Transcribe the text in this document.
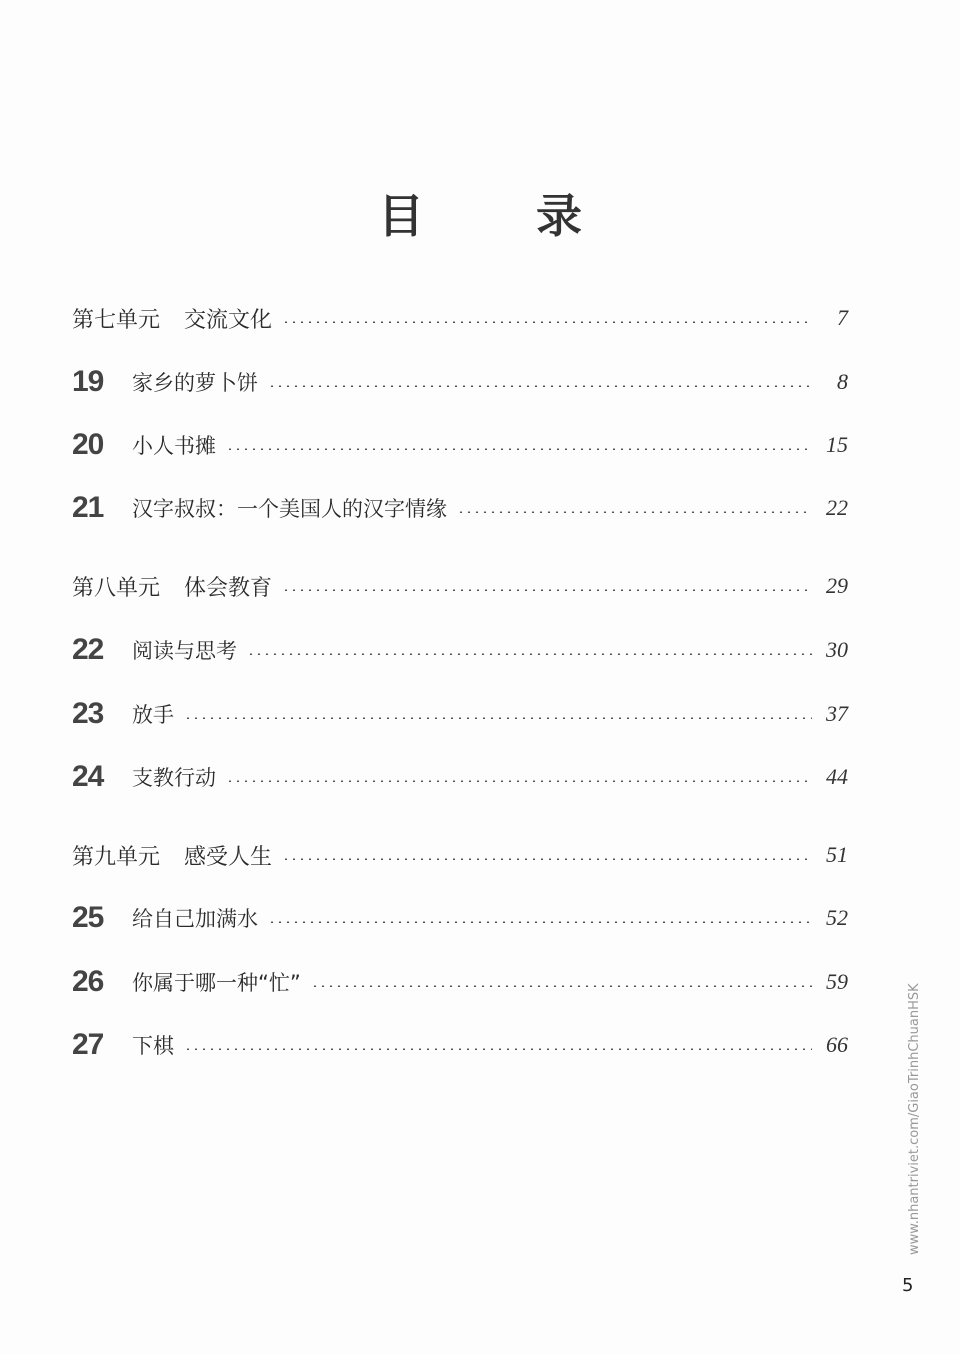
目 录
第七单元 交流文化	7
19	家乡的萝卜饼	8
20	小人书摊	15
21	汉字叔叔：一个美国人的汉字情缘	22
第八单元 体会教育	29
22	阅读与思考	30
23	放手	37
24	支教行动	44
第九单元 感受人生	51
25	给自己加满水	52
26	你属于哪一种“忙”	59
27	下棋	66	www.nhantriviet.com/GiaoTrinhChuanHSK
5
